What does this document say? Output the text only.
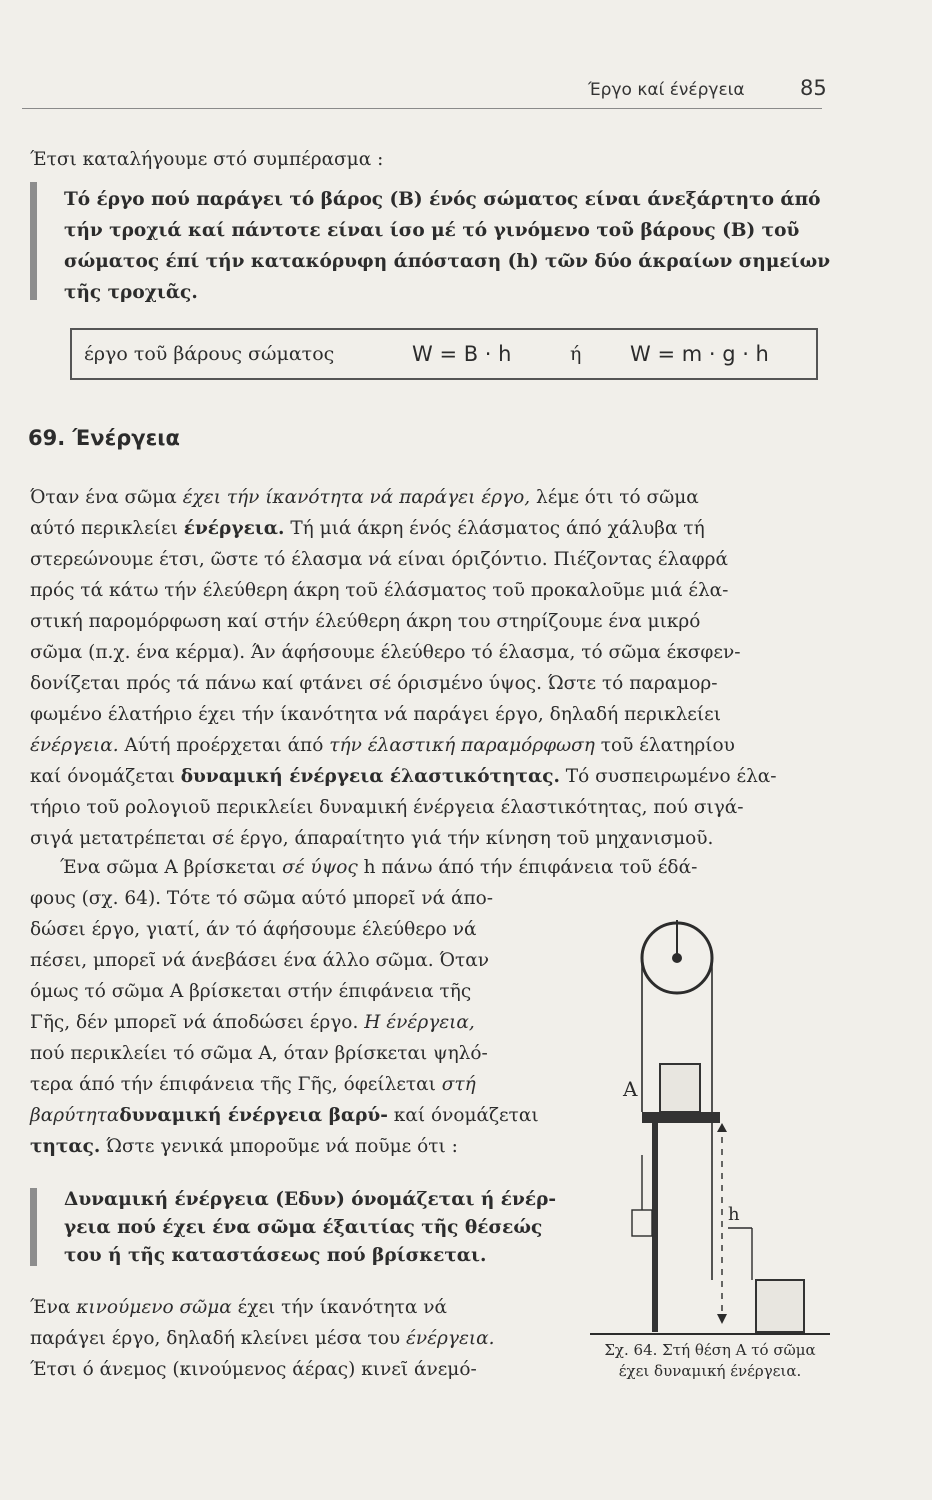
Έργο καί ένέργεια	85
Έτσι καταλήγουμε στό συμπέρασμα :
Τό έργο πού παράγει τό βάρος (Β) ένός σώματος είναι άνεξάρτητο άπό
τήν τροχιά καί πάντοτε είναι ίσο μέ τό γινόμενο τοῦ βάρους (Β) τοῦ
σώματος έπί τήν κατακόρυφη άπόσταση (h) τῶν δύο άκραίων σημείων
τῆς τροχιᾶς.
έργο τοῦ βάρους σώματος	W = B · h	ή W = m · g · h
69. Ένέργεια
Όταν ένα σῶμα έχει τήν ίκανότητα νά παράγει έργο, λέμε ότι τό σῶμα
αύτό περικλείει ένέργεια. Τή μιά άκρη ένός έλάσματος άπό χάλυβα τή
στερεώνουμε έτσι, ῶστε τό έλασμα νά είναι όριζόντιο. Πιέζοντας έλαφρά
πρός τά κάτω τήν έλεύθερη άκρη τοῦ έλάσματος τοῦ προκαλοῦμε μιά έλα-
στική παρομόρφωση καί στήν έλεύθερη άκρη του στηρίζουμε ένα μικρό
σῶμα (π.χ. ένα κέρμα). Άν άφήσουμε έλεύθερο τό έλασμα, τό σῶμα έκσφεν-
δονίζεται πρός τά πάνω καί φτάνει σέ όρισμένο ύψος. Ώστε τό παραμορ-
φωμένο έλατήριο έχει τήν ίκανότητα νά παράγει έργο, δηλαδή περικλείει
ένέργεια. Αύτή προέρχεται άπό τήν έλαστική παραμόρφωση τοῦ έλατηρίου
καί όνομάζεται δυναμική ένέργεια έλαστικότητας. Τό συσπειρωμένο έλα-
τήριο τοῦ ρολογιοῦ περικλείει δυναμική ένέργεια έλαστικότητας, πού σιγά-
σιγά μετατρέπεται σέ έργο, άπαραίτητο γιά τήν κίνηση τοῦ μηχανισμοῦ.
Ένα σῶμα Α βρίσκεται σέ ύψος h πάνω άπό τήν έπιφάνεια τοῦ έδά-
φους (σχ. 64). Τότε τό σῶμα αύτό μπορεῖ νά άπο-
δώσει έργο, γιατί, άν τό άφήσουμε έλεύθερο νά
πέσει, μπορεῖ νά άνεβάσει ένα άλλο σῶμα. Όταν
όμως τό σῶμα Α βρίσκεται στήν έπιφάνεια τῆς
Γῆς, δέν μπορεῖ νά άποδώσει έργο. Η ένέργεια,
πού περικλείει τό σῶμα Α, όταν βρίσκεται ψηλό-
τερα άπό τήν έπιφάνεια τῆς Γῆς, όφείλεται στή
βαρύτηταδυναμική ένέργεια βαρύ- καί όνομάζεται
τητας. Ώστε γενικά μποροῦμε νά ποῦμε ότι :
Δυναμική ένέργεια (Εδυν) όνομάζεται ή ένέρ-
γεια πού έχει ένα σῶμα έξαιτίας τῆς θέσεώς
του ή τῆς καταστάσεως πού βρίσκεται.
Ένα κινούμενο σῶμα έχει τήν ίκανότητα νά
παράγει έργο, δηλαδή κλείνει μέσα του ένέργεια.
Έτσι ό άνεμος (κινούμενος άέρας) κινεῖ άνεμό-
A
h
Σχ. 64. Στή θέση Α τό σῶμα
έχει δυναμική ένέργεια.
